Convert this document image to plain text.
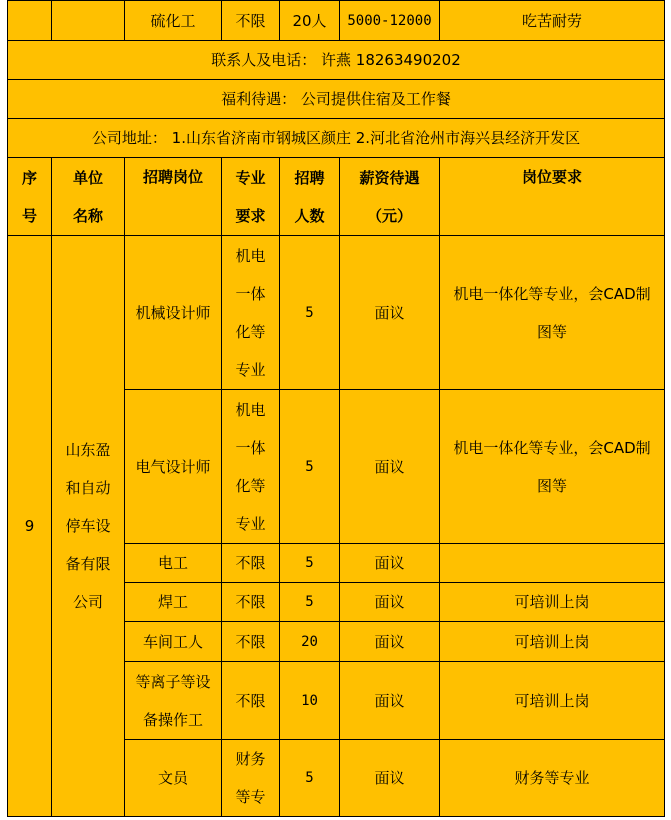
		硫化工	不限	20人	5000-12000	吃苦耐劳
联系人及电话： 许燕 18263490202						
福利待遇： 公司提供住宿及工作餐						
公司地址： 1.山东省济南市钢城区颜庄 2.河北省沧州市海兴县经济开发区						
序号	单位名称	招聘岗位	专业要求	招聘人数	薪资待遇（元）	岗位要求
9	山东盈和自动停车设备有限公司	机械设计师	机电一体化等专业	5	面议	机电一体化等专业，会CAD制图等
		电气设计师	机电一体化等专业	5	面议	机电一体化等专业，会CAD制图等
		电工	不限	5	面议	
		焊工	不限	5	面议	可培训上岗
		车间工人	不限	20	面议	可培训上岗
		等离子等设备操作工	不限	10	面议	可培训上岗
		文员	财务等专	5	面议	财务等专业
